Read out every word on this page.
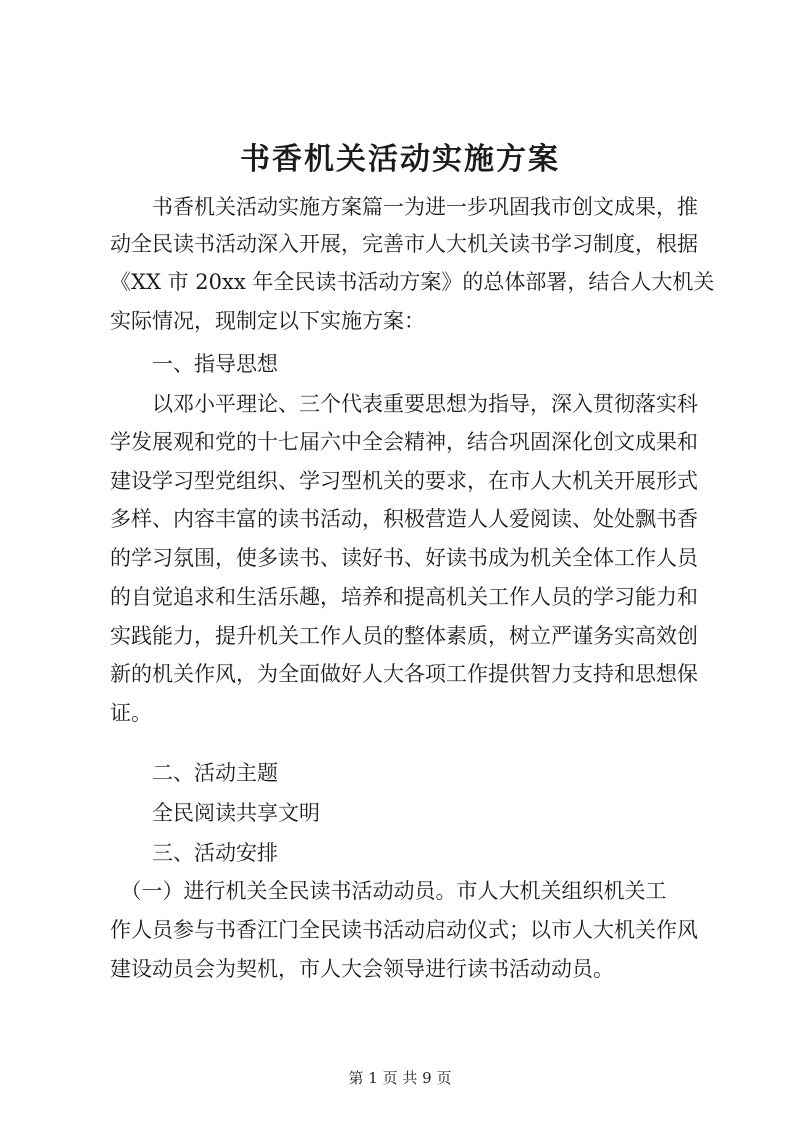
书香机关活动实施方案
　　书香机关活动实施方案篇一为进一步巩固我市创文成果，推
动全民读书活动深入开展，完善市人大机关读书学习制度，根据
《XX 市 20xx 年全民读书活动方案》的总体部署，结合人大机关
实际情况，现制定以下实施方案：
　　一、指导思想
　　以邓小平理论、三个代表重要思想为指导，深入贯彻落实科
学发展观和党的十七届六中全会精神，结合巩固深化创文成果和
建设学习型党组织、学习型机关的要求，在市人大机关开展形式
多样、内容丰富的读书活动，积极营造人人爱阅读、处处飘书香
的学习氛围，使多读书、读好书、好读书成为机关全体工作人员
的自觉追求和生活乐趣，培养和提高机关工作人员的学习能力和
实践能力，提升机关工作人员的整体素质，树立严谨务实高效创
新的机关作风，为全面做好人大各项工作提供智力支持和思想保
证。
　　二、活动主题
　　全民阅读共享文明
　　三、活动安排
　（一）进行机关全民读书活动动员。市人大机关组织机关工
作人员参与书香江门全民读书活动启动仪式；以市人大机关作风
建设动员会为契机，市人大会领导进行读书活动动员。
第 1 页 共 9 页
